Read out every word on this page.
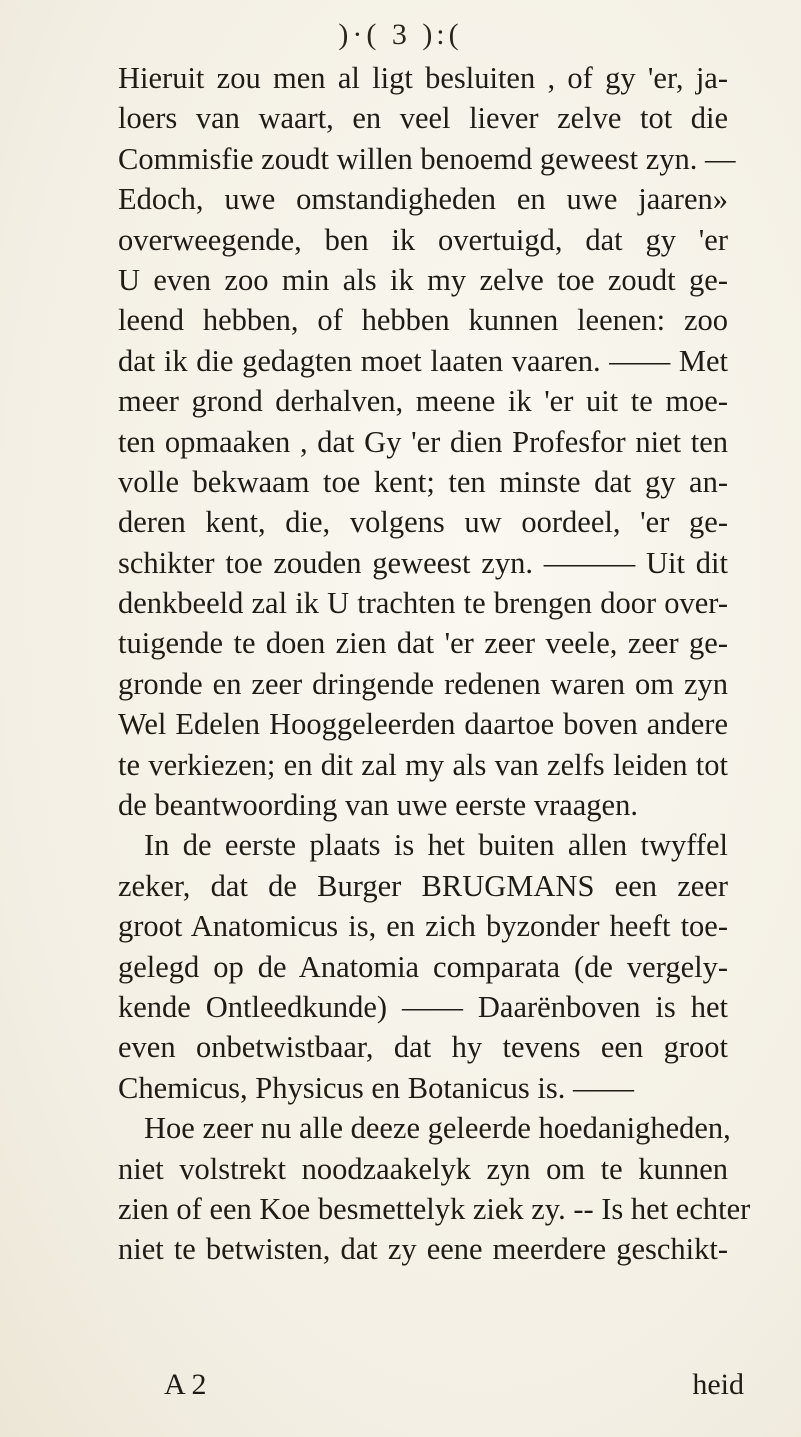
)·( 3 ):(
Hieruit zou men al ligt besluiten , of gy 'er, ja-
loers van waart, en veel liever zelve tot die
Commisfie zoudt willen benoemd geweest zyn. —
Edoch, uwe omstandigheden en uwe jaaren»
overweegende, ben ik overtuigd, dat gy 'er
U even zoo min als ik my zelve toe zoudt ge-
leend hebben, of hebben kunnen leenen: zoo
dat ik die gedagten moet laaten vaaren. —— Met
meer grond derhalven, meene ik 'er uit te moe-
ten opmaaken , dat Gy 'er dien Profesfor niet ten
volle bekwaam toe kent; ten minste dat gy an-
deren kent, die, volgens uw oordeel, 'er ge-
schikter toe zouden geweest zyn. ——— Uit dit
denkbeeld zal ik U trachten te brengen door over-
tuigende te doen zien dat 'er zeer veele, zeer ge-
gronde en zeer dringende redenen waren om zyn
Wel Edelen Hooggeleerden daartoe boven andere
te verkiezen; en dit zal my als van zelfs leiden tot
de beantwoording van uwe eerste vraagen.
In de eerste plaats is het buiten allen twyffel
zeker, dat de Burger BRUGMANS een zeer
groot Anatomicus is, en zich byzonder heeft toe-
gelegd op de Anatomia comparata (de vergely-
kende Ontleedkunde) —— Daarënboven is het
even onbetwistbaar, dat hy tevens een groot
Chemicus, Physicus en Botanicus is. ——
Hoe zeer nu alle deeze geleerde hoedanigheden,
niet volstrekt noodzaakelyk zyn om te kunnen
zien of een Koe besmettelyk ziek zy. -- Is het echter
niet te betwisten, dat zy eene meerdere geschikt-
A 2	heid
